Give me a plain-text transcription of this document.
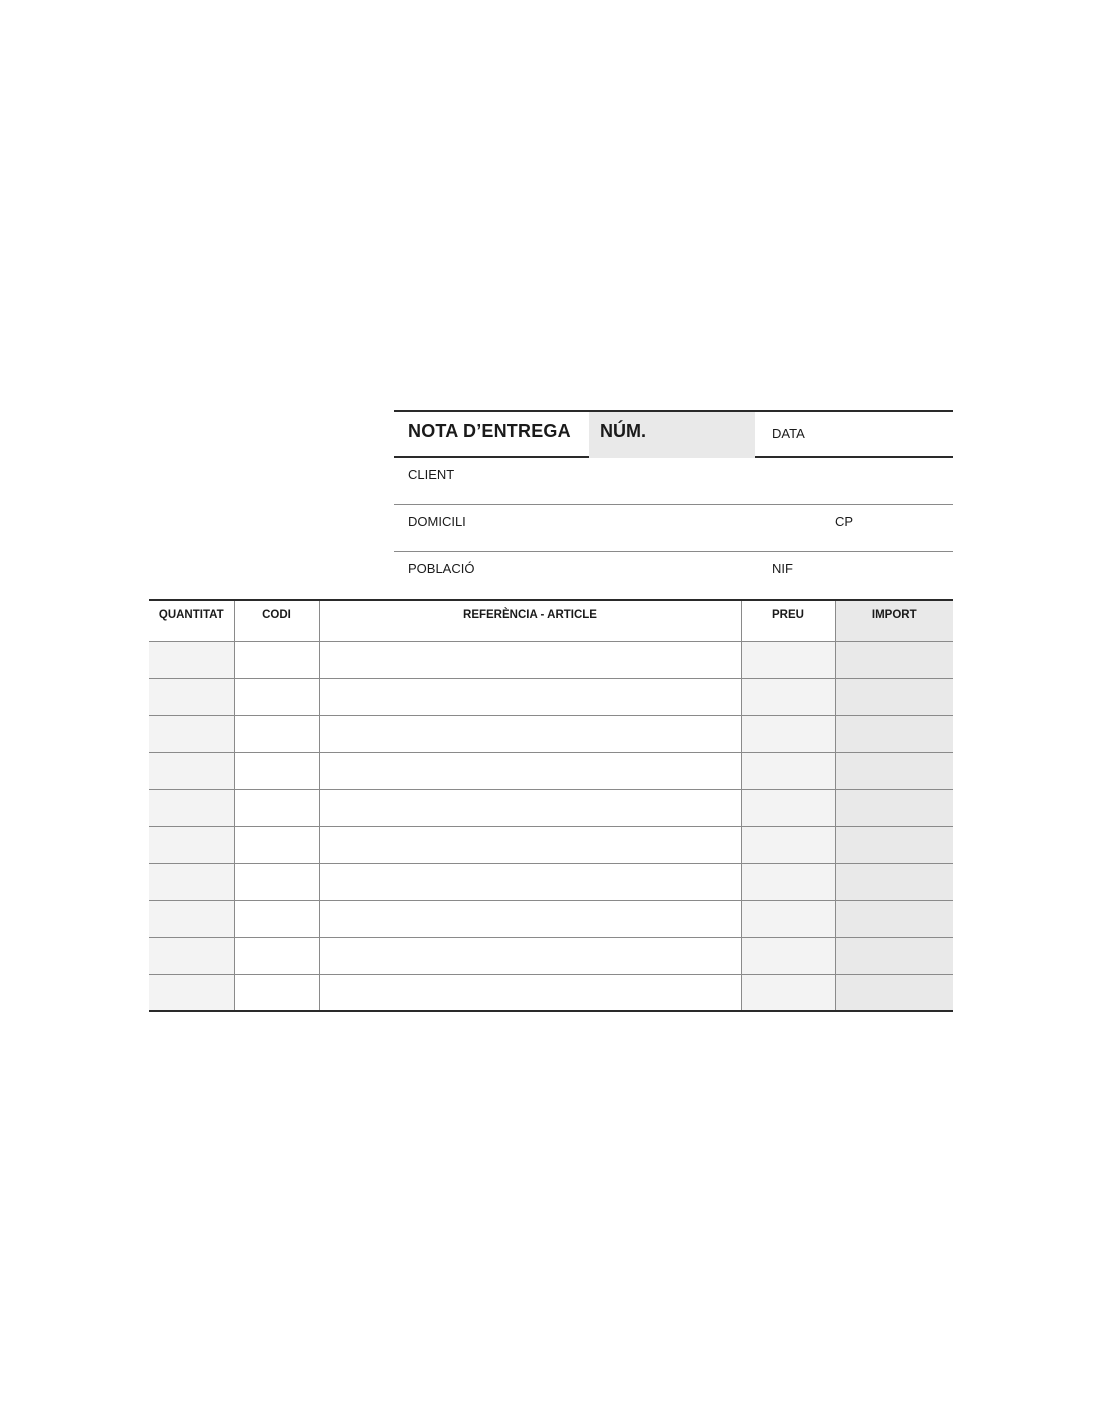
NOTA D’ENTREGA NÚM.	DATA
CLIENT
DOMICILI	CP
POBLACIÓ	NIF
QUANTITAT	CODI	REFERÈNCIA - ARTICLE	PREU	IMPORT
